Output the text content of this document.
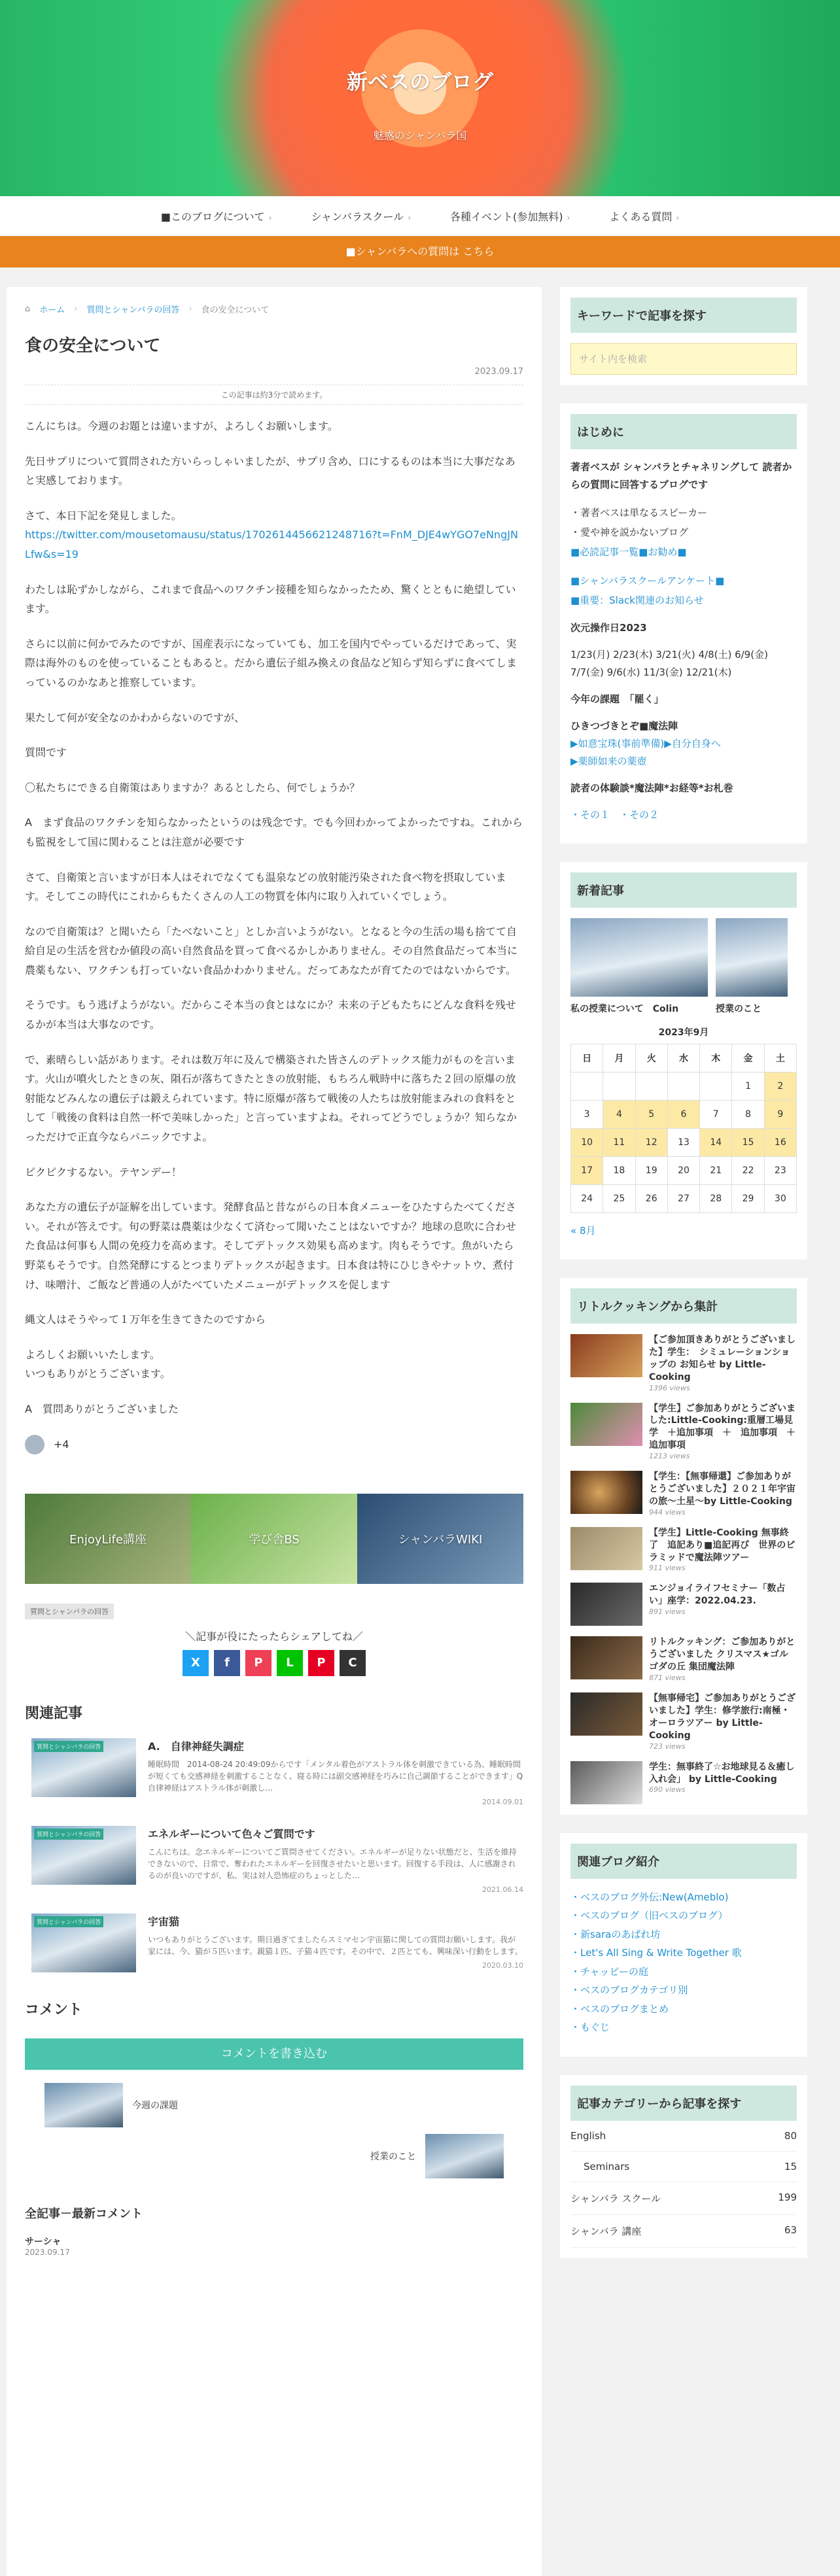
新ベスのブログ
魅惑のシャンバラ国
■このブログについて ›	シャンバラスクール ›	各種イベント(参加無料) ›	よくある質問 ›
■シャンバラへの質問は こちら
⌂ ホーム › 質問とシャンバラの回答 › 食の安全について
食の安全について
2023.09.17
この記事は約3分で読めます。

こんにちは。今週のお題とは違いますが、よろしくお願いします。

先日サプリについて質問された方いらっしゃいましたが、サプリ含め、口にするものは本当に大事だなあと実感しております。

さて、本日下記を発見しました。
https://twitter.com/mousetomausu/status/1702614456621248716?t=FnM_DJE4wYGO7eNngJNLfw&s=19

わたしは恥ずかしながら、これまで食品へのワクチン接種を知らなかったため、驚くとともに絶望しています。

さらに以前に何かでみたのですが、国産表示になっていても、加工を国内でやっているだけであって、実際は海外のものを使っていることもあると。だから遺伝子組み換えの食品など知らず知らずに食べてしまっているのかなあと推察しています。

果たして何が安全なのかわからないのですが、

質問です

〇私たちにできる自衛策はありますか？あるとしたら、何でしょうか？

A　まず食品のワクチンを知らなかったというのは残念です。でも今回わかってよかったですね。これからも監視をして国に関わることは注意が必要です

さて、自衛策と言いますが日本人はそれでなくても温泉などの放射能汚染された食べ物を摂取しています。そしてこの時代にこれからもたくさんの人工の物質を体内に取り入れていくでしょう。

なので自衛策は？と聞いたら「たべないこと」としか言いようがない。となると今の生活の場も捨てて自給自足の生活を営むか値段の高い自然食品を買って食べるかしかありません。その自然食品だって本当に農薬もない、ワクチンも打っていない食品かわかりません。だってあなたが育てたのではないからです。

そうです。もう逃げようがない。だからこそ本当の食とはなにか？未来の子どもたちにどんな食料を残せるかが本当は大事なのです。

で、素晴らしい話があります。それは数万年に及んで構築された皆さんのデトックス能力がものを言います。火山が噴火したときの灰、隕石が落ちてきたときの放射能、もちろん戦時中に落ちた２回の原爆の放射能などみんなの遺伝子は鍛えられています。特に原爆が落ちて戦後の人たちは放射能まみれの食料をとして「戦後の食料は自然一杯で美味しかった」と言っていますよね。それってどうでしょうか？知らなかっただけで正直今ならパニックですよ。

ピクピクするない。テヤンデー！

あなた方の遺伝子が証解を出しています。発酵食品と昔ながらの日本食メニューをひたすらたべてください。それが答えです。旬の野菜は農薬は少なくて済むって聞いたことはないですか？地球の息吹に合わせた食品は何事も人間の免疫力を高めます。そしてデトックス効果も高めます。肉もそうです。魚がいたら野菜もそうです。自然発酵にするとつまりデトックスが起きます。日本食は特にひじきやナットウ、煮付け、味噌汁、ご飯など普通の人がたべていたメニューがデトックスを促します

縄文人はそうやって１万年を生きてきたのですから

よろしくお願いいたします。
いつもありがとうございます。

A　質問ありがとうございました

+4
EnjoyLife講座	学び舎BS	シャンバラWIKI
質問とシャンバラの回答
＼記事が役にたったらシェアしてね／
X	f	P	L	P	C
関連記事
質問とシャンバラの回答	A.　自律神経失調症
睡眠時間　2014-08-24 20:49:09からです「メンタル着色がアストラル体を刺激できている為、睡眠時間が短くても交感神経を刺激することなく、寝る時には副交感神経を巧みに自己調節することができます」Q自律神経はアストラル体が刺激し…
2014.09.01
質問とシャンバラの回答	エネルギーについて色々ご質問です
こんにちは。念エネルギーについてご質問させてください。エネルギーが足りない状態だと、生活を維持できないので、日常で、奪われたエネルギーを回復させたいと思います。回復する手段は、人に感謝されるのが良いのですが、私、実は対人恐怖症のちょっとした…
2021.06.14
質問とシャンバラの回答	宇宙猫
いつもありがとうございます。期日過ぎてましたらスミマセン宇宙猫に関しての質問お願いします。我が家には、今、猫が５匹います。親猫１匹、子猫４匹です。その中で、２匹とても、興味深い行動をします。
2020.03.10
コメント
コメントを書き込む
今週の課題
授業のこと
全記事－最新コメント
サーシャ
2023.09.17
キーワードで記事を探す
サイト内を検索
はじめに

著者ベスが シャンバラとチャネリングして 読者からの質問に回答するブログです

・著者ベスは単なるスピーカー
・愛や神を説かないブログ
■必読記事一覧■お勧め■
■シャンバラスクールアンケート■
■重要：Slack関連のお知らせ

次元操作日2023

1/23(月) 2/23(木) 3/21(火) 4/8(土) 6/9(金) 7/7(金) 9/6(水) 11/3(金) 12/21(木)

今年の課題　「罷く」

ひきつづきとぞ■魔法陣

▶如意宝珠(事前準備)▶自分自身へ

▶薬師如来の薬壺

読者の体験談*魔法陣*お経等*お札巻

・その１　・その２

新着記事
私の授業について　Colin	授業のこと
2023年9月
日	月	火	水	木	金	土
					1	2
3	4	5	6	7	8	9
10	11	12	13	14	15	16
17	18	19	20	21	22	23
24	25	26	27	28	29	30

« 8月

リトルクッキングから集計
【ご参加頂きありがとうございました】学生：　シミュレーションショップの お知らせ by Little-Cooking
1396 views
【学生】ご参加ありがとうございました:Little-Cooking:重層工場見学　＋追加事項　＋　追加事項　＋　追加事項
1213 views
【学生：【無事帰還】ご参加ありがとうございました】２０２１年宇宙の旅〜土星〜by Little-Cooking
944 views
【学生】Little-Cooking 無事終了　追記あり■追記再び　世界のピラミッドで魔法陣ツアー
911 views
エンジョイライフセミナー「数占い」座学：2022.04.23.
891 views
リトルクッキング：ご参加ありがとうございました クリスマス★ゴルゴダの丘 集団魔法陣
871 views
【無事帰宅】ご参加ありがとうございました】学生：修学旅行:南極・オーロラツアー by Little-Cooking
723 views
学生：無事終了☆お地球見る＆癒し入れ会」 by Little-Cooking
690 views
関連ブログ紹介
・ベスのブログ外伝:New(Ameblo)
・ベスのブログ（旧ベスのブログ）
・新saraのあばれ坊
・Let's All Sing & Write Together 歌
・チャッピーの庭
・ベスのブログカテゴリ別
・ベスのブログまとめ
・もぐじ
記事カテゴリーから記事を探す
English	80
Seminars	15
シャンバラ スクール	199
シャンバラ 講座	63
